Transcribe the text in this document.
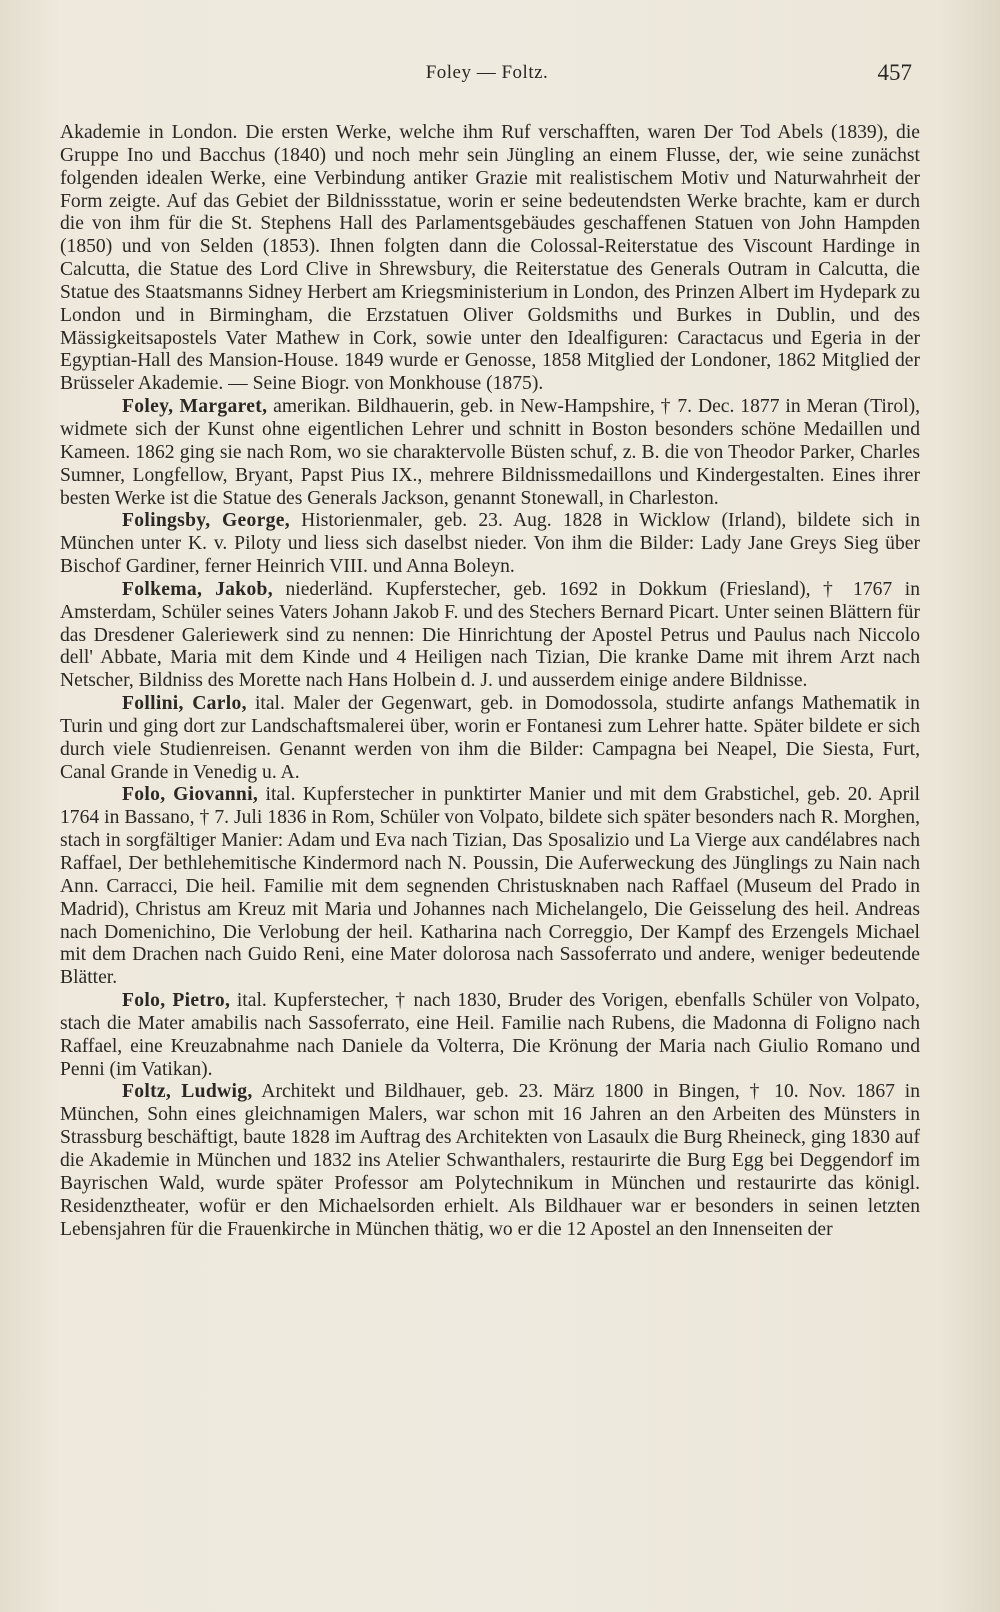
Foley — Foltz.	457

Akademie in London. Die ersten Werke, welche ihm Ruf verschafften, waren Der Tod Abels (1839), die Gruppe Ino und Bacchus (1840) und noch mehr sein Jüngling an einem Flusse, der, wie seine zunächst folgenden idealen Werke, eine Verbindung antiker Grazie mit realistischem Motiv und Naturwahrheit der Form zeigte. Auf das Gebiet der Bildnissstatue, worin er seine bedeutendsten Werke brachte, kam er durch die von ihm für die St. Stephens Hall des Parlamentsgebäudes geschaffenen Statuen von John Hampden (1850) und von Selden (1853). Ihnen folgten dann die Colossal-Reiterstatue des Viscount Hardinge in Calcutta, die Statue des Lord Clive in Shrewsbury, die Reiterstatue des Generals Outram in Calcutta, die Statue des Staatsmanns Sidney Herbert am Kriegsministerium in London, des Prinzen Albert im Hydepark zu London und in Birmingham, die Erzstatuen Oliver Goldsmiths und Burkes in Dublin, und des Mässigkeitsapostels Vater Mathew in Cork, sowie unter den Idealfiguren: Caractacus und Egeria in der Egyptian-Hall des Mansion-House. 1849 wurde er Genosse, 1858 Mitglied der Londoner, 1862 Mitglied der Brüsseler Akademie. — Seine Biogr. von Monkhouse (1875).

Foley, Margaret, amerikan. Bildhauerin, geb. in New-Hampshire, † 7. Dec. 1877 in Meran (Tirol), widmete sich der Kunst ohne eigentlichen Lehrer und schnitt in Boston besonders schöne Medaillen und Kameen. 1862 ging sie nach Rom, wo sie charaktervolle Büsten schuf, z. B. die von Theodor Parker, Charles Sumner, Longfellow, Bryant, Papst Pius IX., mehrere Bildnissmedaillons und Kindergestalten. Eines ihrer besten Werke ist die Statue des Generals Jackson, genannt Stonewall, in Charleston.

Folingsby, George, Historienmaler, geb. 23. Aug. 1828 in Wicklow (Irland), bildete sich in München unter K. v. Piloty und liess sich daselbst nieder. Von ihm die Bilder: Lady Jane Greys Sieg über Bischof Gardiner, ferner Heinrich VIII. und Anna Boleyn.

Folkema, Jakob, niederländ. Kupferstecher, geb. 1692 in Dokkum (Friesland), † 1767 in Amsterdam, Schüler seines Vaters Johann Jakob F. und des Stechers Bernard Picart. Unter seinen Blättern für das Dresdener Galeriewerk sind zu nennen: Die Hinrichtung der Apostel Petrus und Paulus nach Niccolo dell' Abbate, Maria mit dem Kinde und 4 Heiligen nach Tizian, Die kranke Dame mit ihrem Arzt nach Netscher, Bildniss des Morette nach Hans Holbein d. J. und ausserdem einige andere Bildnisse.

Follini, Carlo, ital. Maler der Gegenwart, geb. in Domodossola, studirte anfangs Mathematik in Turin und ging dort zur Landschaftsmalerei über, worin er Fontanesi zum Lehrer hatte. Später bildete er sich durch viele Studienreisen. Genannt werden von ihm die Bilder: Campagna bei Neapel, Die Siesta, Furt, Canal Grande in Venedig u. A.

Folo, Giovanni, ital. Kupferstecher in punktirter Manier und mit dem Grabstichel, geb. 20. April 1764 in Bassano, † 7. Juli 1836 in Rom, Schüler von Volpato, bildete sich später besonders nach R. Morghen, stach in sorgfältiger Manier: Adam und Eva nach Tizian, Das Sposalizio und La Vierge aux candélabres nach Raffael, Der bethlehemitische Kindermord nach N. Poussin, Die Auferweckung des Jünglings zu Nain nach Ann. Carracci, Die heil. Familie mit dem segnenden Christusknaben nach Raffael (Museum del Prado in Madrid), Christus am Kreuz mit Maria und Johannes nach Michelangelo, Die Geisselung des heil. Andreas nach Domenichino, Die Verlobung der heil. Katharina nach Correggio, Der Kampf des Erzengels Michael mit dem Drachen nach Guido Reni, eine Mater dolorosa nach Sassoferrato und andere, weniger bedeutende Blätter.

Folo, Pietro, ital. Kupferstecher, † nach 1830, Bruder des Vorigen, ebenfalls Schüler von Volpato, stach die Mater amabilis nach Sassoferrato, eine Heil. Familie nach Rubens, die Madonna di Foligno nach Raffael, eine Kreuzabnahme nach Daniele da Volterra, Die Krönung der Maria nach Giulio Romano und Penni (im Vatikan).

Foltz, Ludwig, Architekt und Bildhauer, geb. 23. März 1800 in Bingen, † 10. Nov. 1867 in München, Sohn eines gleichnamigen Malers, war schon mit 16 Jahren an den Arbeiten des Münsters in Strassburg beschäftigt, baute 1828 im Auftrag des Architekten von Lasaulx die Burg Rheineck, ging 1830 auf die Akademie in München und 1832 ins Atelier Schwanthalers, restaurirte die Burg Egg bei Deggendorf im Bayrischen Wald, wurde später Professor am Polytechnikum in München und restaurirte das königl. Residenztheater, wofür er den Michaelsorden erhielt. Als Bildhauer war er besonders in seinen letzten Lebensjahren für die Frauenkirche in München thätig, wo er die 12 Apostel an den Innenseiten der
